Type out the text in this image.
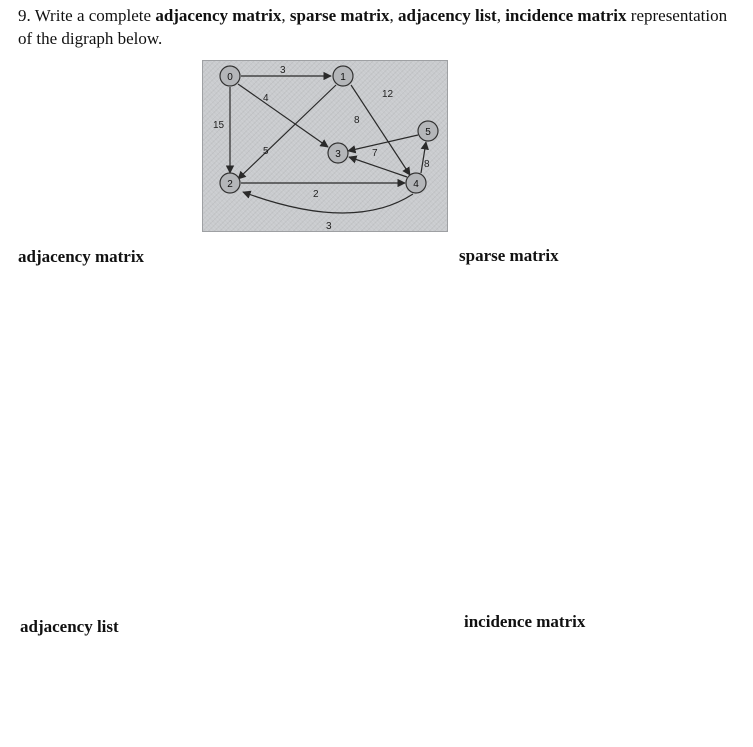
9. Write a complete adjacency matrix, sparse matrix, adjacency list, incidence matrix representation of the digraph below.
3
4
15
5
12
8
7
8
2
3
0	1
2
3
4
5
adjacency matrix	sparse matrix
adjacency list	incidence matrix
